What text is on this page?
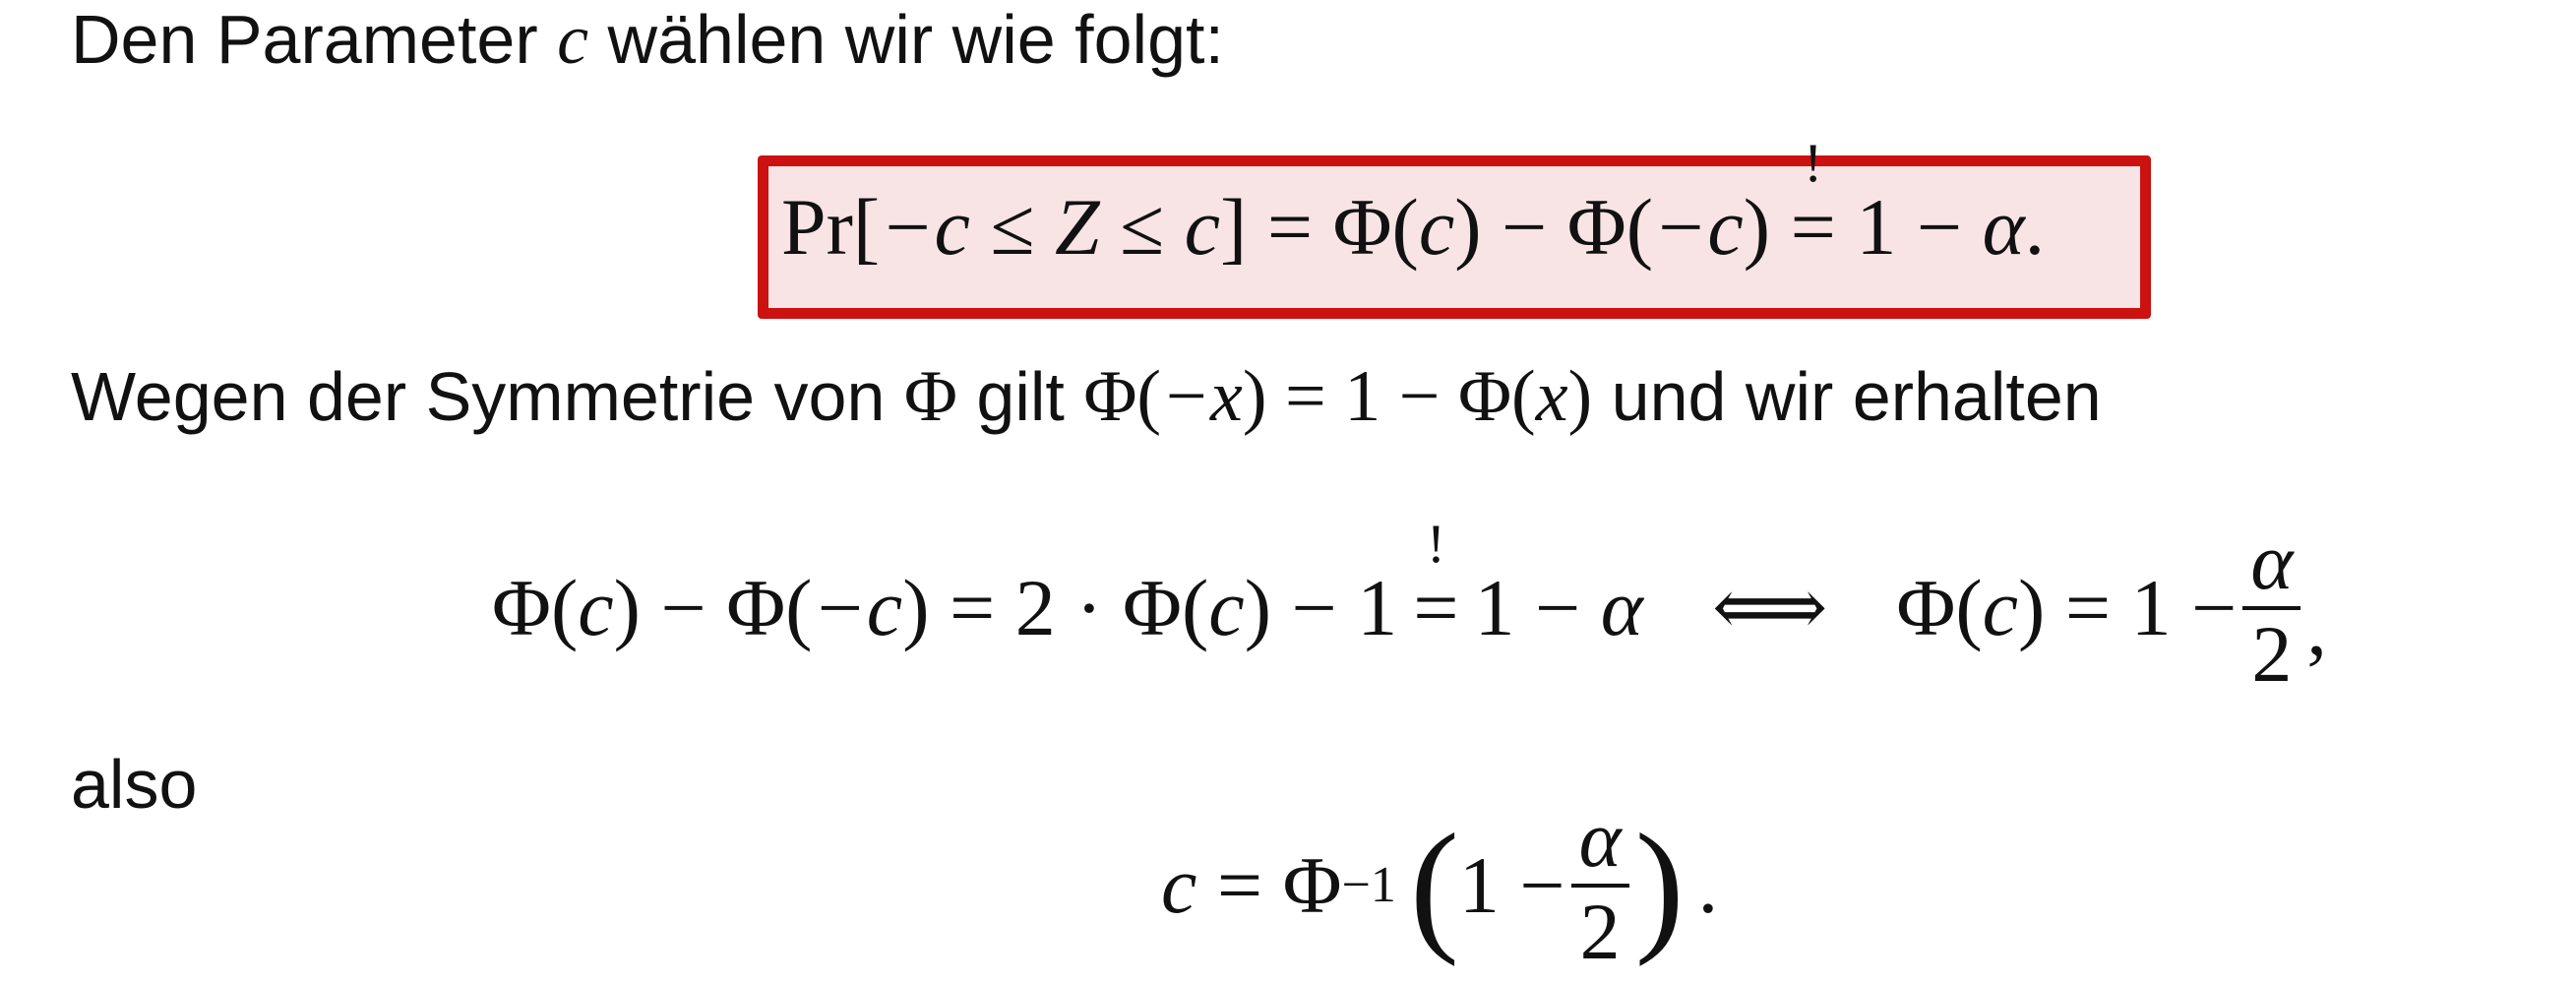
Den Parameter c wählen wir wie folgt:
Pr[−c ≤ Z ≤ c] = Φ(c) − Φ(−c)
!
= 1 − α.
Wegen der Symmetrie von Φ gilt Φ(−x) = 1 − Φ(x) und wir erhalten
Φ( c ) − Φ( −c ) = 2 · Φ( c ) − 1
!
= 1 −
α ⟺ Φ( c ) = $1 - \frac{\alpha}{2}$ ,
also
c
= Φ −1 ( $1 - \frac{\alpha}{2}$ ) .
